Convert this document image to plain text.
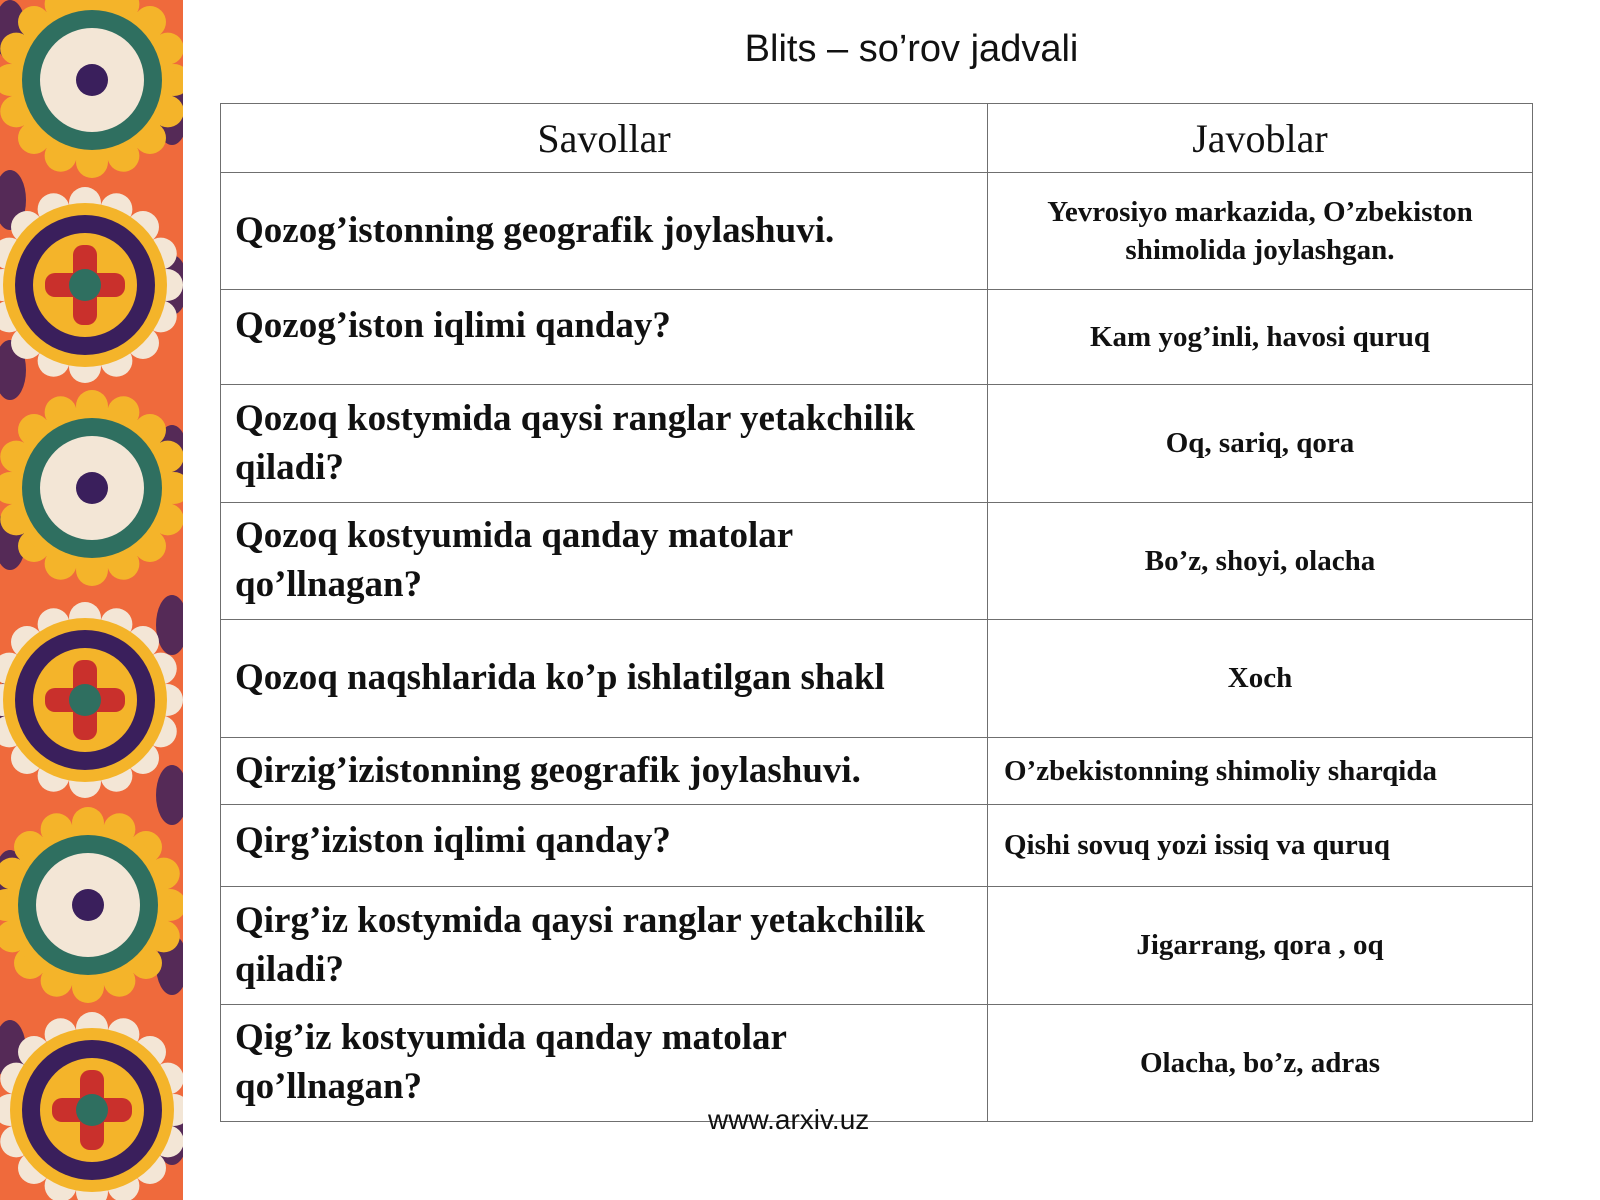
Blits – so’rov jadvali
Savollar	Javoblar
Qozog’istonning geografik joylashuvi.	Yevrosiyo markazida, O’zbekiston shimolida joylashgan.
Qozog’iston iqlimi qanday?	Kam yog’inli, havosi quruq
Qozoq kostymida qaysi ranglar yetakchilik qiladi?	Oq, sariq, qora
Qozoq kostyumida qanday matolar qo’llnagan?	Bo’z, shoyi, olacha
Qozoq naqshlarida ko’p ishlatilgan shakl	Xoch
Qirzig’izistonning geografik joylashuvi.	O’zbekistonning shimoliy sharqida
Qirg’iziston iqlimi qanday?	Qishi sovuq yozi issiq va quruq
Qirg’iz kostymida qaysi ranglar yetakchilik qiladi?	Jigarrang, qora , oq
Qig’iz kostyumida qanday matolar qo’llnagan?	Olacha, bo’z, adras
www.arxiv.uz
